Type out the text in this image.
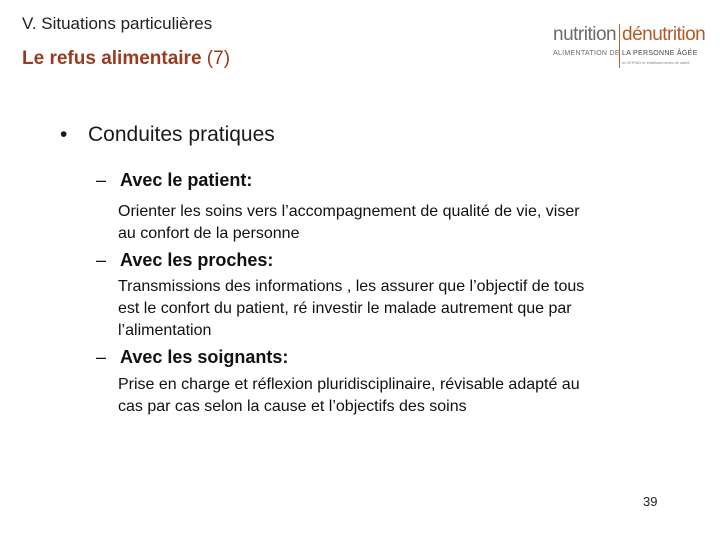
V. Situations particulières
Le refus alimentaire (7)
nutrition dénutrition
ALIMENTATION DE LA PERSONNE ÂGÉE
en EHPAD et établissements de santé
• Conduites pratiques
– Avec le patient:
Orienter les soins vers l’accompagnement de qualité de vie, viser
au confort de la personne
– Avec les proches:
Transmissions des informations , les assurer que l’objectif de tous
est le confort du patient, ré investir le malade autrement que par
l’alimentation
– Avec les soignants:
Prise en charge et réflexion pluridisciplinaire, révisable adapté au
cas par cas selon la cause et l’objectifs des soins
39
